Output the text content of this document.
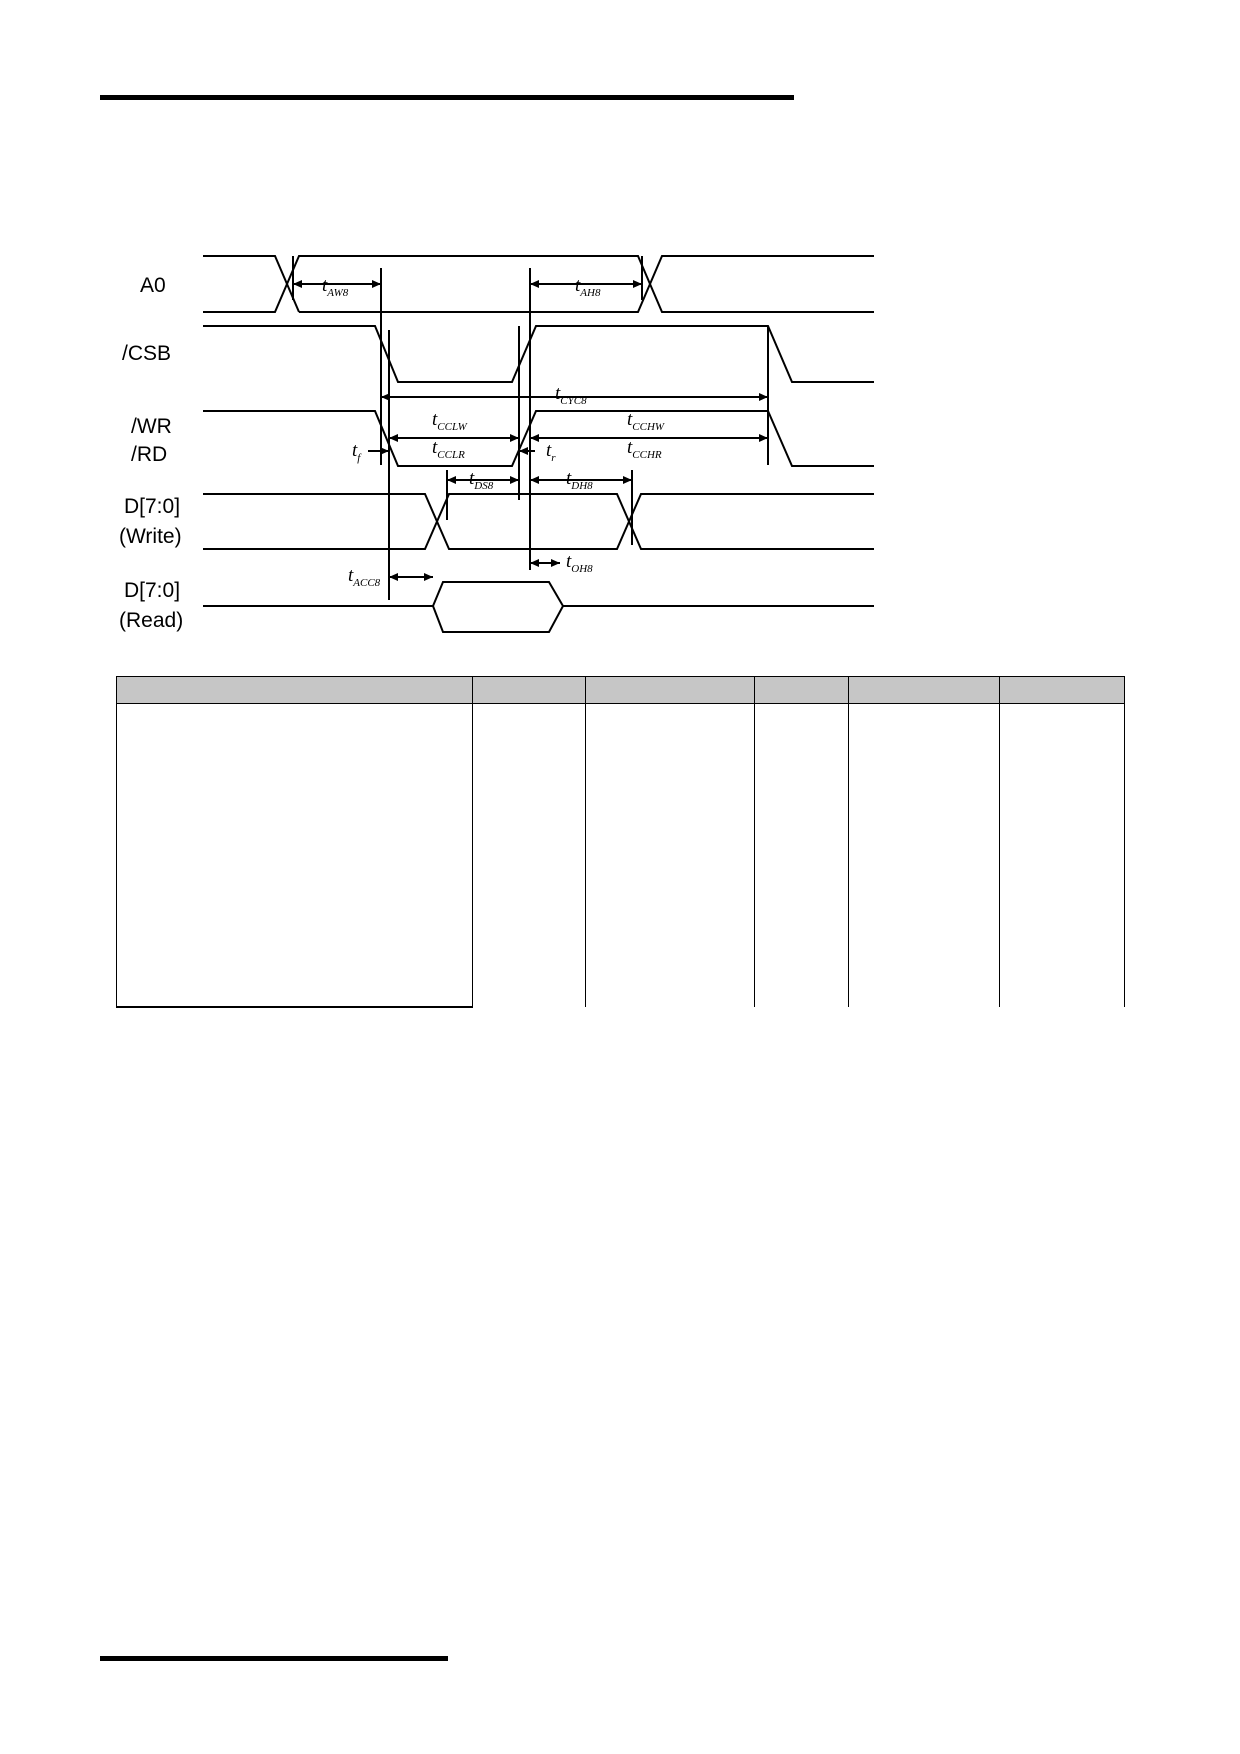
A0
/CSB
/WR
/RD
D[7:0]
(Write)
D[7:0]
(Read)
$t_{AW8}$	$t_{AH8}$
$t_{CYC8}$
$t_{CCLW}$
$t_{CCLR}$
$t_{CCHW}$
$t_{CCHR}$
$t_f$	$t_r$
$t_{DS8}$	$t_{DH8}$
$t_{OH8}$
$t_{ACC8}$
